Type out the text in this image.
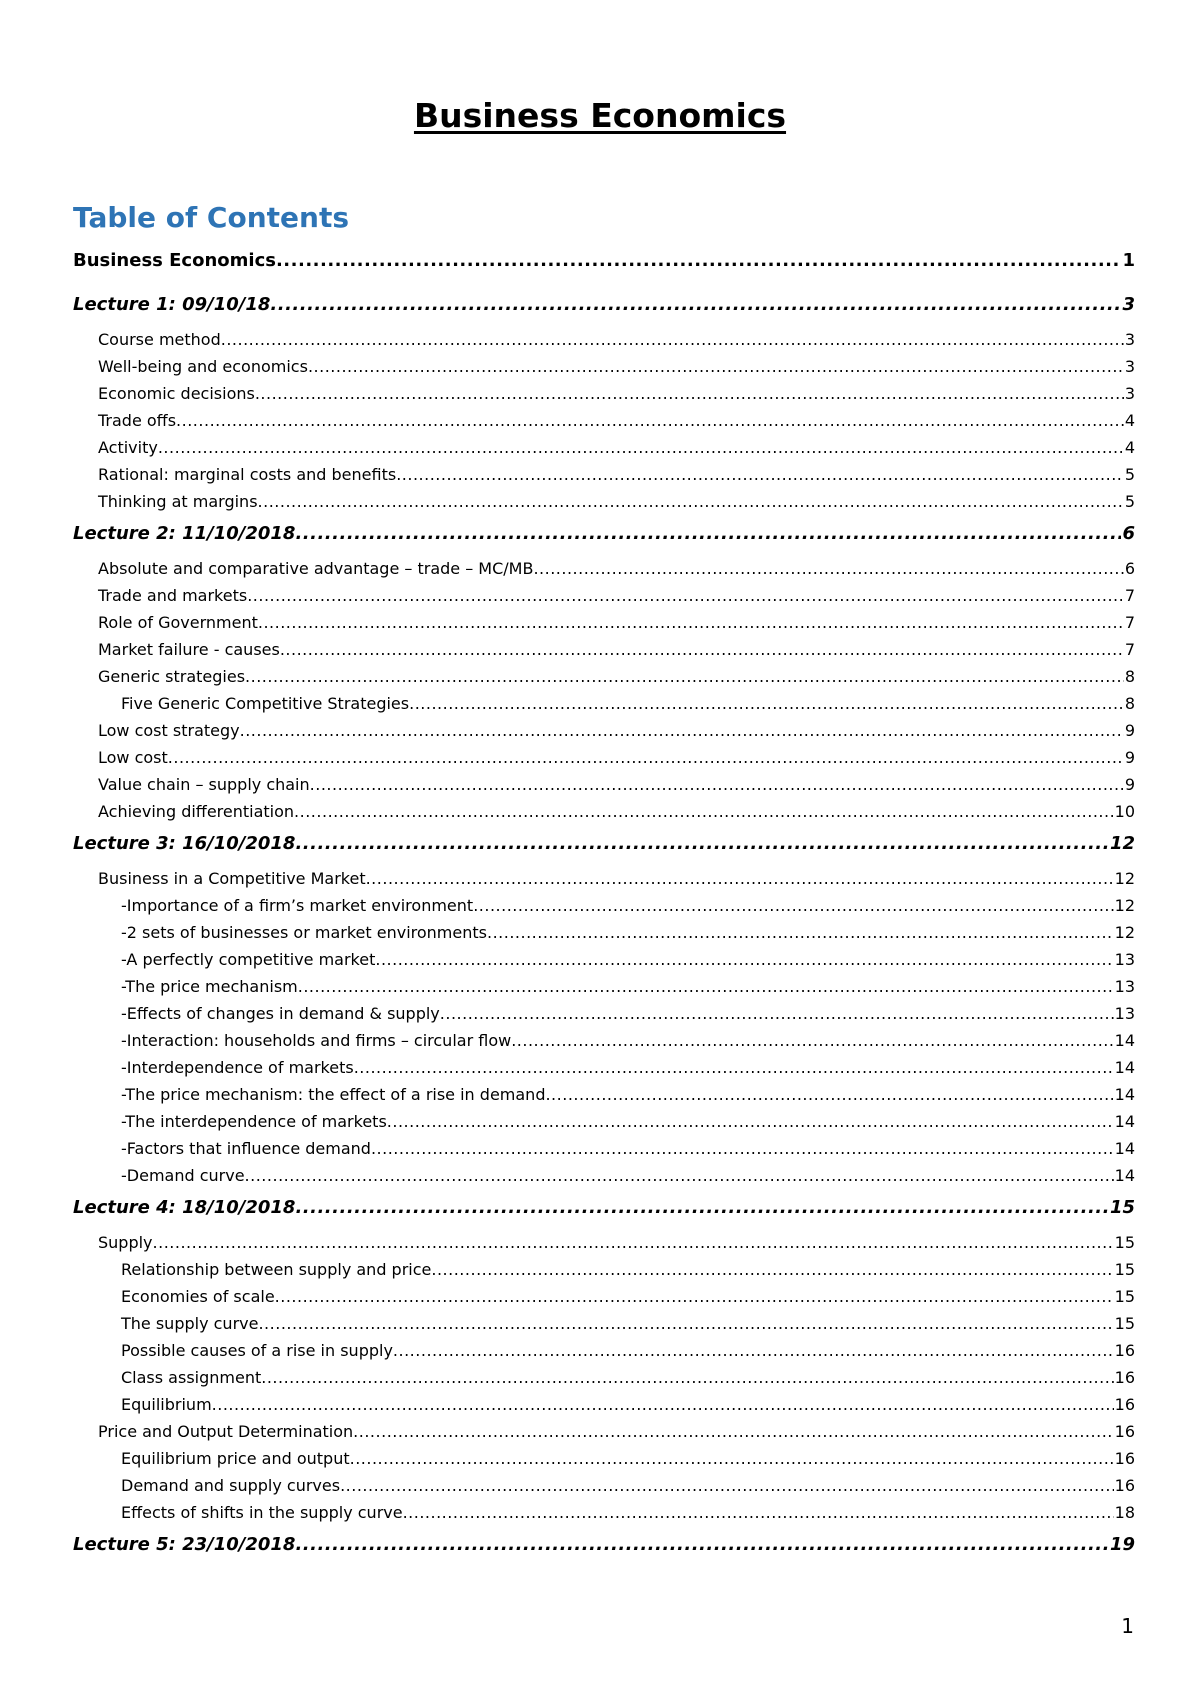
Business Economics
Table of Contents
Business Economics .....	1
Lecture 1: 09/10/18 .....	3
Course method .....	3
Well-being and economics .....	3
Economic decisions .....	3
Trade offs .....	4
Activity .....	4
Rational: marginal costs and benefits .....	5
Thinking at margins .....	5
Lecture 2: 11/10/2018 .....	6
Absolute and comparative advantage – trade – MC/MB .....	6
Trade and markets .....	7
Role of Government .....	7
Market failure - causes .....	7
Generic strategies .....	8
Five Generic Competitive Strategies .....	8
Low cost strategy .....	9
Low cost .....	9
Value chain – supply chain .....	9
Achieving differentiation .....	10
Lecture 3: 16/10/2018 .....	12
Business in a Competitive Market .....	12
-Importance of a firm’s market environment .....	12
-2 sets of businesses or market environments .....	12
-A perfectly competitive market .....	13
-The price mechanism .....	13
-Effects of changes in demand & supply .....	13
-Interaction: households and firms – circular flow .....	14
-Interdependence of markets .....	14
-The price mechanism: the effect of a rise in demand .....	14
-The interdependence of markets .....	14
-Factors that influence demand .....	14
-Demand curve .....	14
Lecture 4: 18/10/2018 .....	15
Supply .....	15
Relationship between supply and price .....	15
Economies of scale .....	15
The supply curve .....	15
Possible causes of a rise in supply .....	16
Class assignment .....	16
Equilibrium .....	16
Price and Output Determination .....	16
Equilibrium price and output .....	16
Demand and supply curves .....	16
Effects of shifts in the supply curve .....	18
Lecture 5: 23/10/2018 .....	19
1
